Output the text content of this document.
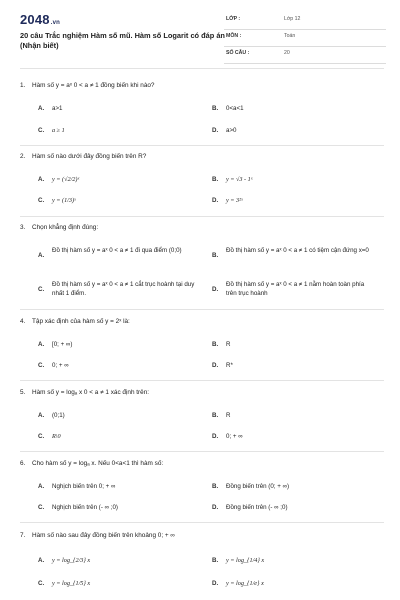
2048.vn
20 câu Trắc nghiệm Hàm số mũ. Hàm số Logarit có đáp án (Nhận biết)
LỚP :	Lớp 12
MÔN :	Toán
SỐ CÂU :	20
1. Hàm số y = aˣ 0 < a ≠ 1 đồng biến khi nào?
A. a>1	B. 0<a<1
C. a ≥ 1	D. a>0
2. Hàm số nào dưới đây đồng biến trên R?
A. y = (√2/2)ˣ	B. y = √3 - 1ˣ
C. y = (1/3)ˣ	D. y = 3²ˣ
3. Chọn khẳng định đúng:
A.
Đồ thị hàm số y = aˣ 0 < a ≠ 1 đi qua điểm (0;0)
B.
Đồ thị hàm số y = aˣ 0 < a ≠ 1 có tiệm cận đứng x=0
C.
Đồ thị hàm số y = aˣ 0 < a ≠ 1 cắt trục hoành tại duy nhất 1 điểm.
D.
Đồ thị hàm số y = aˣ 0 < a ≠ 1 nằm hoàn toàn phía trên trục hoành
4. Tập xác định của hàm số y = 2ˣ là:
A. [0; + ∞)	B. R
C. 0; + ∞	D. R*
5. Hàm số y = logₐ x 0 < a ≠ 1 xác định trên:
A. (0;1)	B. R
C. R\0	D. 0; + ∞
6. Cho hàm số y = logₐ x. Nếu 0<a<1 thì hàm số:
A. Nghịch biến trên 0; + ∞	B. Đồng biến trên (0; + ∞)
C. Nghịch biến trên (- ∞ ;0)	D. Đồng biến trên (- ∞ ;0)
7. Hàm số nào sau đây đồng biến trên khoảng 0; + ∞
A. y = log_{2/3} x	B. y = log_{1/4} x
C. y = log_{1/5} x	D. y = log_{1/e} x
